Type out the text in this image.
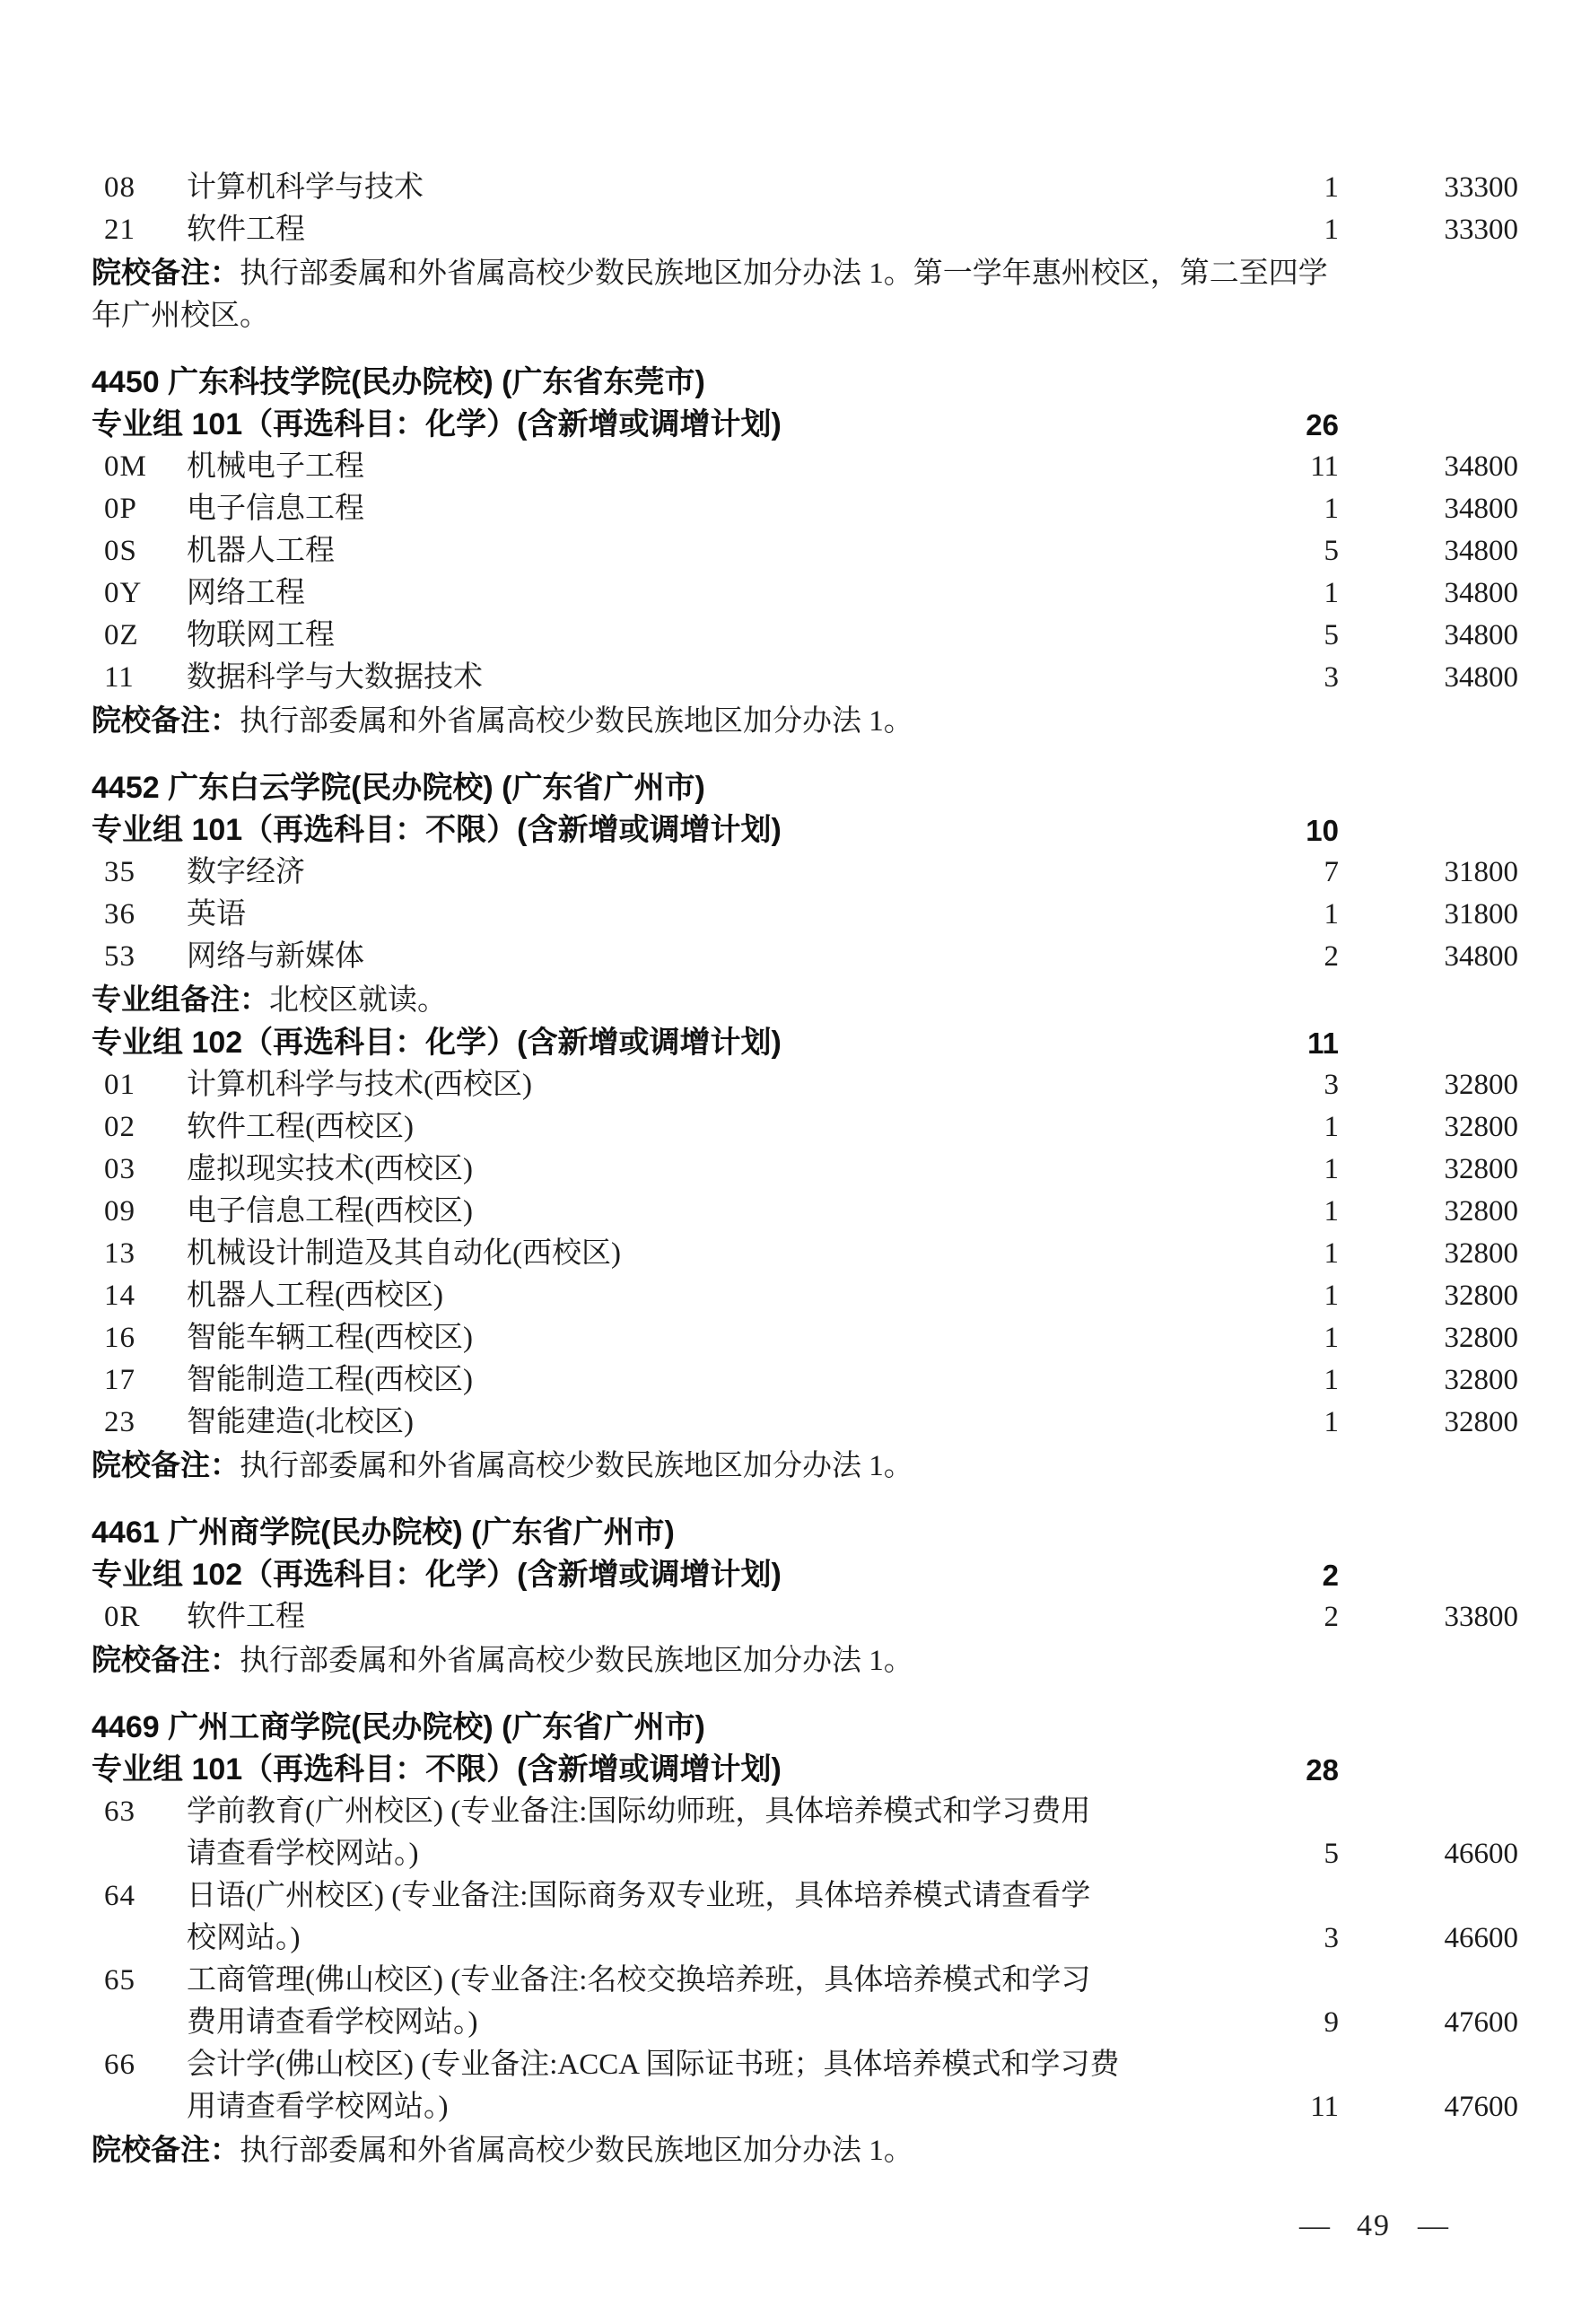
08	计算机科学与技术	1	33300
21	软件工程	1	33300
院校备注：执行部委属和外省属高校少数民族地区加分办法 1。第一学年惠州校区，第二至四学
年广州校区。
4450 广东科技学院(民办院校) (广东省东莞市)
专业组 101（再选科目：化学）(含新增或调增计划)	26
0M	机械电子工程	11	34800
0P	电子信息工程	1	34800
0S	机器人工程	5	34800
0Y	网络工程	1	34800
0Z	物联网工程	5	34800
11	数据科学与大数据技术	3	34800
院校备注：执行部委属和外省属高校少数民族地区加分办法 1。
4452 广东白云学院(民办院校) (广东省广州市)
专业组 101（再选科目：不限）(含新增或调增计划)	10
35	数字经济	7	31800
36	英语	1	31800
53	网络与新媒体	2	34800
专业组备注：北校区就读。
专业组 102（再选科目：化学）(含新增或调增计划)	11
01	计算机科学与技术(西校区)	3	32800
02	软件工程(西校区)	1	32800
03	虚拟现实技术(西校区)	1	32800
09	电子信息工程(西校区)	1	32800
13	机械设计制造及其自动化(西校区)	1	32800
14	机器人工程(西校区)	1	32800
16	智能车辆工程(西校区)	1	32800
17	智能制造工程(西校区)	1	32800
23	智能建造(北校区)	1	32800
院校备注：执行部委属和外省属高校少数民族地区加分办法 1。
4461 广州商学院(民办院校) (广东省广州市)
专业组 102（再选科目：化学）(含新增或调增计划)	2
0R	软件工程	2	33800
院校备注：执行部委属和外省属高校少数民族地区加分办法 1。
4469 广州工商学院(民办院校) (广东省广州市)
专业组 101（再选科目：不限）(含新增或调增计划)	28
63	学前教育(广州校区) (专业备注:国际幼师班，具体培养模式和学习费用
请查看学校网站。)	5	46600
64	日语(广州校区) (专业备注:国际商务双专业班，具体培养模式请查看学
校网站。)	3	46600
65	工商管理(佛山校区) (专业备注:名校交换培养班，具体培养模式和学习
费用请查看学校网站。)	9	47600
66	会计学(佛山校区) (专业备注:ACCA 国际证书班；具体培养模式和学习费
用请查看学校网站。)	11	47600
院校备注：执行部委属和外省属高校少数民族地区加分办法 1。
— 49 —
